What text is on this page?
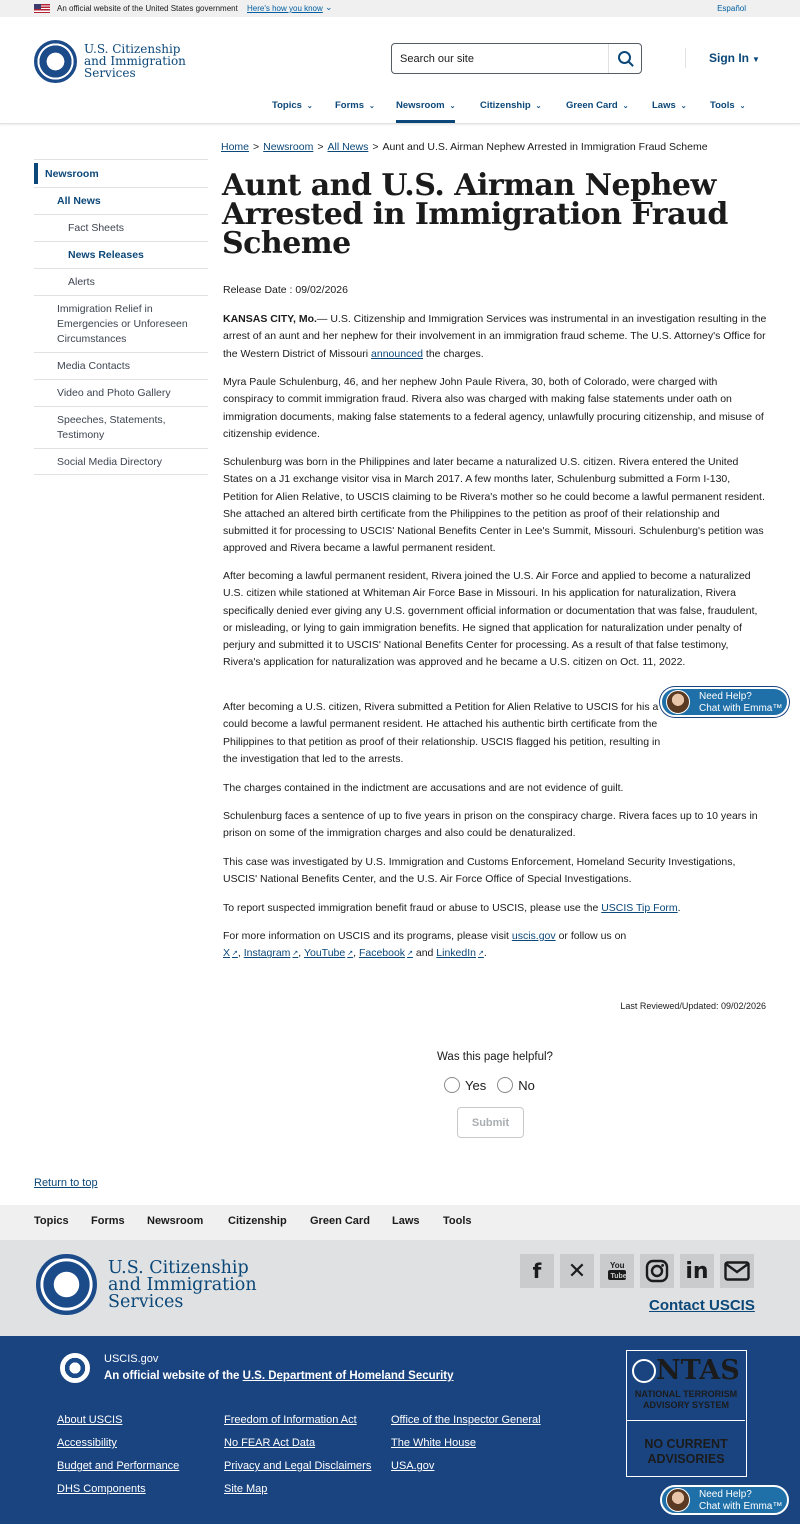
An official website of the United States government Here's how you know ⌄	Español
U.S. Citizenship
and Immigration
Services
Search our site
Sign In ▼
Topics ⌄ Forms ⌄ Newsroom ⌄	Citizenship ⌄	Green Card ⌄ Laws ⌄ Tools ⌄
Newsroom
All News
Fact Sheets
News Releases
Alerts
Immigration Relief in Emergencies or Unforeseen Circumstances
Media Contacts
Video and Photo Gallery
Speeches, Statements, Testimony
Social Media Directory
Home > Newsroom > All News > Aunt and U.S. Airman Nephew Arrested in Immigration Fraud Scheme
Aunt and U.S. Airman Nephew Arrested in Immigration Fraud Scheme
Release Date : 09/02/2026
KANSAS CITY, Mo.— U.S. Citizenship and Immigration Services was instrumental in an investigation resulting in the arrest of an aunt and her nephew for their involvement in an immigration fraud scheme. The U.S. Attorney's Office for the Western District of Missouri announced the charges.
Myra Paule Schulenburg, 46, and her nephew John Paule Rivera, 30, both of Colorado, were charged with conspiracy to commit immigration fraud. Rivera also was charged with making false statements under oath on immigration documents, making false statements to a federal agency, unlawfully procuring citizenship, and misuse of citizenship evidence.
Schulenburg was born in the Philippines and later became a naturalized U.S. citizen. Rivera entered the United States on a J1 exchange visitor visa in March 2017. A few months later, Schulenburg submitted a Form I-130, Petition for Alien Relative, to USCIS claiming to be Rivera's mother so he could become a lawful permanent resident. She attached an altered birth certificate from the Philippines to the petition as proof of their relationship and submitted it for processing to USCIS' National Benefits Center in Lee's Summit, Missouri. Schulenburg's petition was approved and Rivera became a lawful permanent resident.
After becoming a lawful permanent resident, Rivera joined the U.S. Air Force and applied to become a naturalized U.S. citizen while stationed at Whiteman Air Force Base in Missouri. In his application for naturalization, Rivera specifically denied ever giving any U.S. government official information or documentation that was false, fraudulent, or misleading, or lying to gain immigration benefits. He signed that application for naturalization under penalty of perjury and submitted it to USCIS' National Benefits Center for processing. As a result of that false testimony, Rivera's application for naturalization was approved and he became a U.S. citizen on Oct. 11, 2022.
After becoming a U.S. citizen, Rivera submitted a Petition for Alien Relative to USCIS for his a could become a lawful permanent resident. He attached his authentic birth certificate from the Philippines to that petition as proof of their relationship. USCIS flagged his petition, resulting in the investigation that led to the arrests.
The charges contained in the indictment are accusations and are not evidence of guilt.
Schulenburg faces a sentence of up to five years in prison on the conspiracy charge. Rivera faces up to 10 years in prison on some of the immigration charges and also could be denaturalized.
This case was investigated by U.S. Immigration and Customs Enforcement, Homeland Security Investigations, USCIS' National Benefits Center, and the U.S. Air Force Office of Special Investigations.
To report suspected immigration benefit fraud or abuse to USCIS, please use the USCIS Tip Form.
For more information on USCIS and its programs, please visit uscis.gov or follow us on X ↗ , Instagram ↗ , YouTube ↗ , Facebook ↗ and LinkedIn ↗ .
Last Reviewed/Updated: 09/02/2026
Was this page helpful?
Yes No
Submit
Return to top
Topics Forms Newsroom Citizenship Green Card Laws Tools
U.S. Citizenship
and Immigration
Services
f ✕	You
Tube	in
Contact USCIS
USCIS.gov
An official website of the U.S. Department of Homeland Security
About USCIS
Accessibility
Budget and Performance
DHS Components
Freedom of Information Act
No FEAR Act Data
Privacy and Legal Disclaimers
Site Map
Office of the Inspector General
The White House
USA.gov
NTAS
NATIONAL TERRORISM
ADVISORY SYSTEM
NO CURRENT
ADVISORIES
Need Help?
Chat with Emma™
Need Help?
Chat with Emma™
